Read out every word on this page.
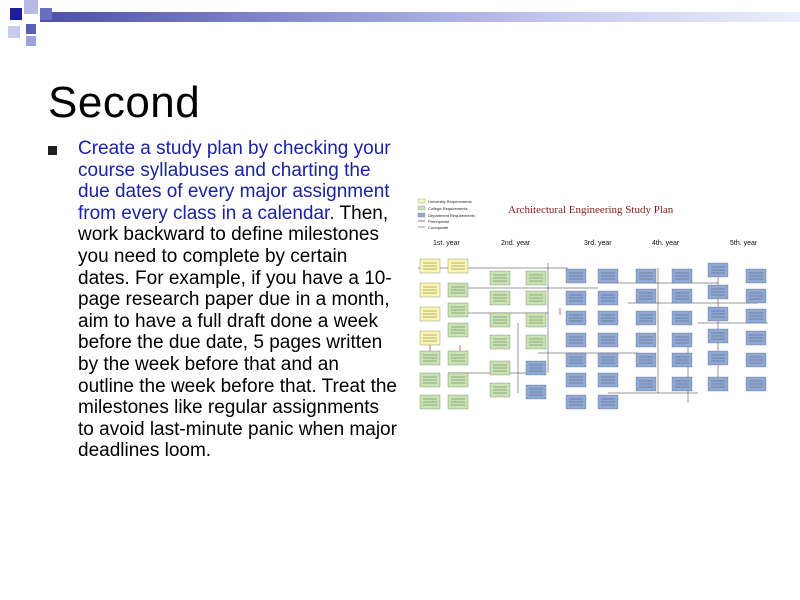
Second
Create a study plan by checking your course syllabuses and charting the due dates of every major assignment from every class in a calendar. Then, work backward to define milestones you need to complete by certain dates. For example, if you have a 10-page research paper due in a month, aim to have a full draft done a week before the due date, 5 pages written by the week before that and an outline the week before that. Treat the milestones like regular assignments to avoid last-minute panic when major deadlines loom.
Architectural Engineering Study Plan
University Requirements
College Requirements
Department Requirements
Prerequisite
Corequisite
1st. year	2nd. year	3rd. year	4th. year	5th. year
